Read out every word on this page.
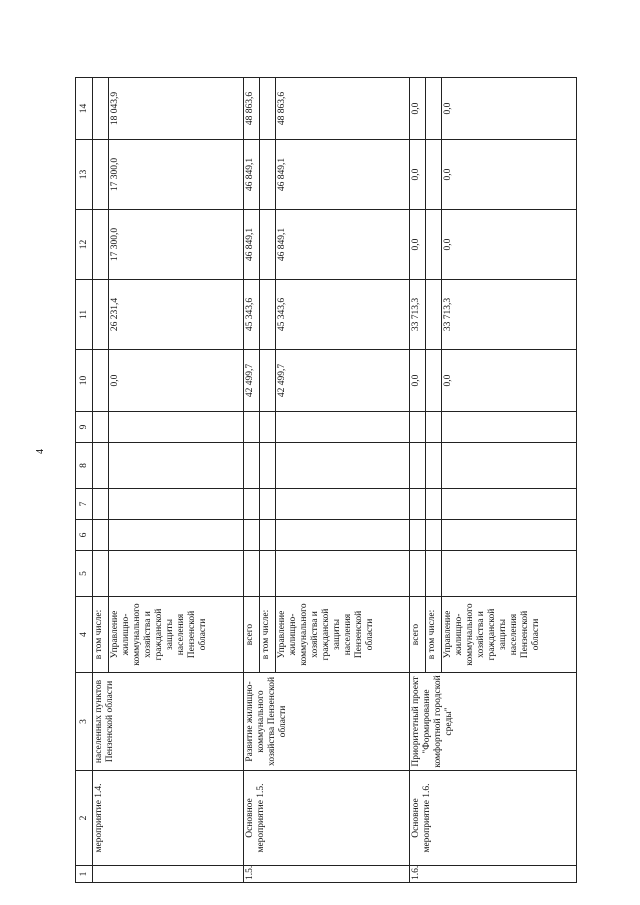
4
1	2	3	4	5	6	7	8	9	10	11	12	13	14
	мероприятие 1.4.	населенных пунктов Пензенской области	в том числе:										
			Управление жилищно-коммунального хозяйства и гражданской защиты населения Пензенской области						0,0	26 231,4	17 300,0	17 300,0	18 043,9
1.5.	Основное мероприятие 1.5.	Развитие жилищно-коммунального хозяйства Пензенской области	всего						42 499,7	45 343,6	46 849,1	46 849,1	48 863,6
			в том числе:										
			Управление жилищно-коммунального хозяйства и гражданской защиты населения Пензенской области						42 499,7	45 343,6	46 849,1	46 849,1	48 863,6
1.6.	Основное мероприятие 1.6.	Приоритетный проект "Формирование комфортной городской среды"	всего						0,0	33 713,3	0,0	0,0	0,0
			в том числе:										
			Управление жилищно-коммунального хозяйства и гражданской защиты населения Пензенской области						0,0	33 713,3	0,0	0,0	0,0
